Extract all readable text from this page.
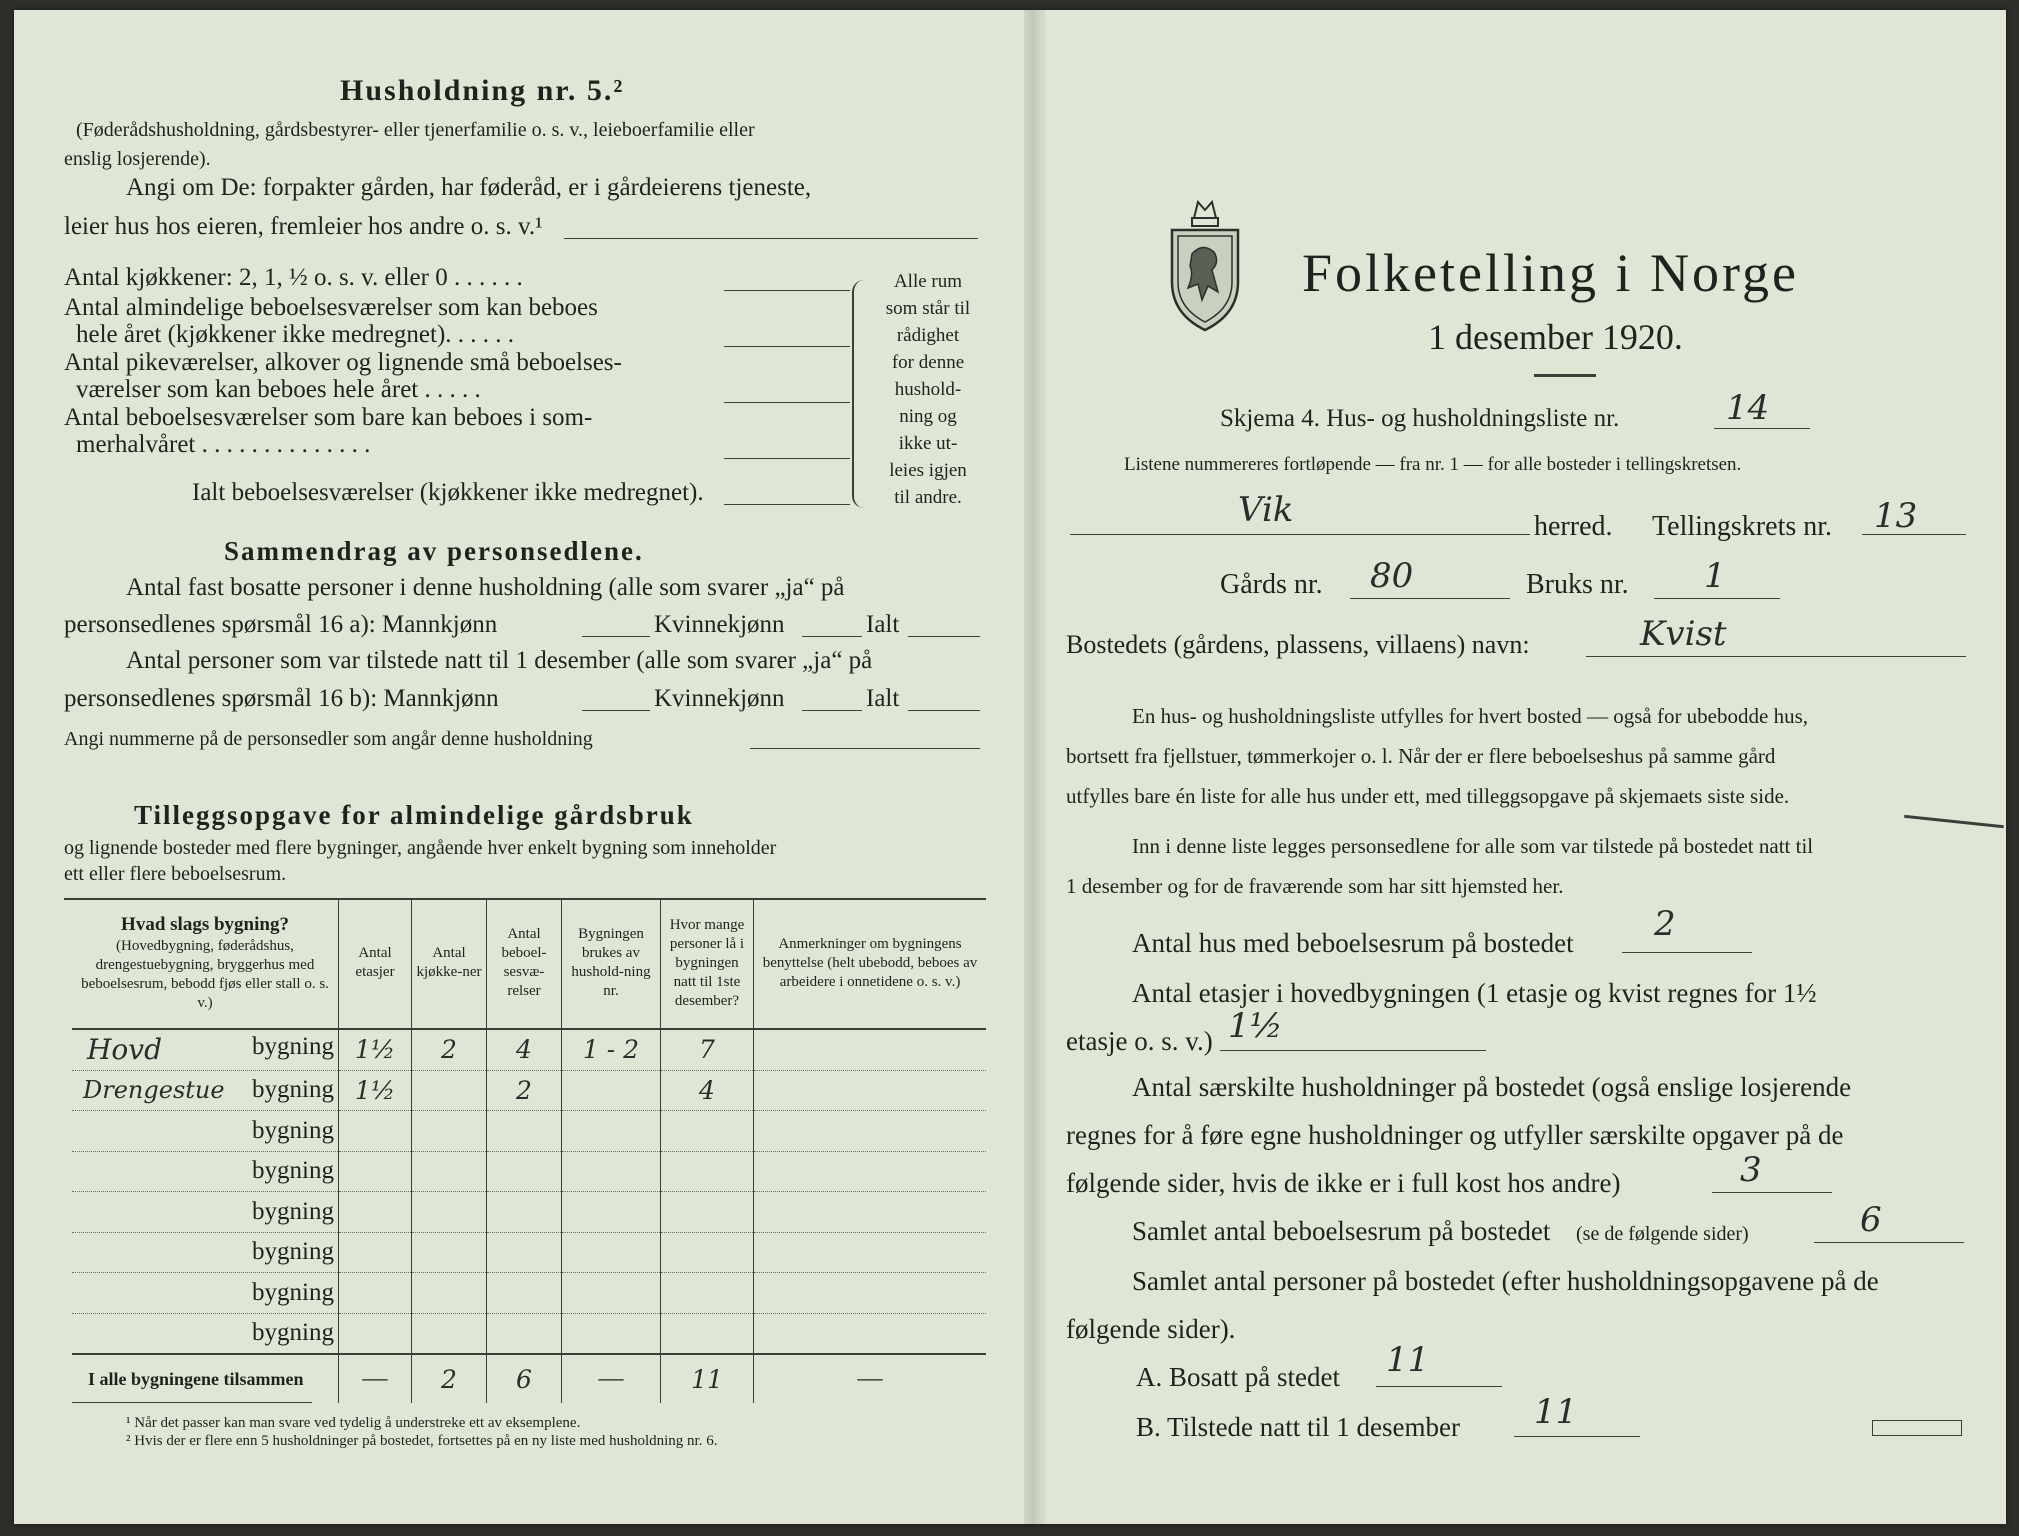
Husholdning nr. 5.²
(Føderådshusholdning, gårdsbestyrer- eller tjenerfamilie o. s. v., leieboerfamilie eller
enslig losjerende).
Angi om De: forpakter gården, har føderåd, er i gårdeierens tjeneste,
leier hus hos eieren, fremleier hos andre o. s. v.¹
Antal kjøkkener: 2, 1, ½ o. s. v. eller 0 . . . . . .
Antal almindelige beboelsesværelser som kan beboes
hele året (kjøkkener ikke medregnet). . . . . .
Antal pikeværelser, alkover og lignende små beboelses-
værelser som kan beboes hele året . . . . .
Antal beboelsesværelser som bare kan beboes i som-
merhalvåret . . . . . . . . . . . . . .
Ialt beboelsesværelser (kjøkkener ikke medregnet).
Alle rum
som står til
rådighet
for denne
hushold-
ning og
ikke ut-
leies igjen
til andre.
Sammendrag av personsedlene.
Antal fast bosatte personer i denne husholdning (alle som svarer „ja“ på
personsedlenes spørsmål 16 a): Mannkjønn	Kvinnekjønn	Ialt
Antal personer som var tilstede natt til 1 desember (alle som svarer „ja“ på
personsedlenes spørsmål 16 b): Mannkjønn	Kvinnekjønn	Ialt
Angi nummerne på de personsedler som angår denne husholdning
Tilleggsopgave for almindelige gårdsbruk
og lignende bosteder med flere bygninger, angående hver enkelt bygning som inneholder
ett eller flere beboelsesrum.
Hvad slags bygning?
(Hovedbygning, føderådshus, drengestuebygning, bryggerhus med beboelsesrum, bebodd fjøs eller stall o. s. v.)	Antal etasjer	Antal kjøkke-ner	Antal beboel-sesvæ-relser	Bygningen brukes av hushold-ning nr.	Hvor mange personer lå i bygningen natt til 1ste desember?	Anmerkninger om bygningens benyttelse (helt ubebodd, beboes av arbeidere i onnetidene o. s. v.)

Hovd bygning	1½	2	4	1 - 2	7	

Drengestue bygning	1½		2		4	
bygning						
bygning						
bygning						
bygning						
bygning						
bygning						
I alle bygningene tilsammen	—	2	6	—	11	—
¹ Når det passer kan man svare ved tydelig å understreke ett av eksemplene.
² Hvis der er flere enn 5 husholdninger på bostedet, fortsettes på en ny liste med husholdning nr. 6.
Folketelling i Norge
1 desember 1920.
Skjema 4. Hus- og husholdningsliste nr.	14
Listene nummereres fortløpende — fra nr. 1 — for alle bosteder i tellingskretsen.
Vik	herred. Tellingskrets nr. 13
Gårds nr. 80	Bruks nr. 1
Bostedets (gårdens, plassens, villaens) navn:	Kvist
En hus- og husholdningsliste utfylles for hvert bosted — også for ubebodde hus,
bortsett fra fjellstuer, tømmerkojer o. l. Når der er flere beboelseshus på samme gård
utfylles bare én liste for alle hus under ett, med tilleggsopgave på skjemaets siste side.
Inn i denne liste legges personsedlene for alle som var tilstede på bostedet natt til
1 desember og for de fraværende som har sitt hjemsted her.
Antal hus med beboelsesrum på bostedet 2
Antal etasjer i hovedbygningen (1 etasje og kvist regnes for 1½
etasje o. s. v.) 1½
Antal særskilte husholdninger på bostedet (også enslige losjerende
regnes for å føre egne husholdninger og utfyller særskilte opgaver på de
følgende sider, hvis de ikke er i full kost hos andre)	3
Samlet antal beboelsesrum på bostedet (se de følgende sider)	6
Samlet antal personer på bostedet (efter husholdningsopgavene på de
følgende sider).
A. Bosatt på stedet 11
B. Tilstede natt til 1 desember 11
